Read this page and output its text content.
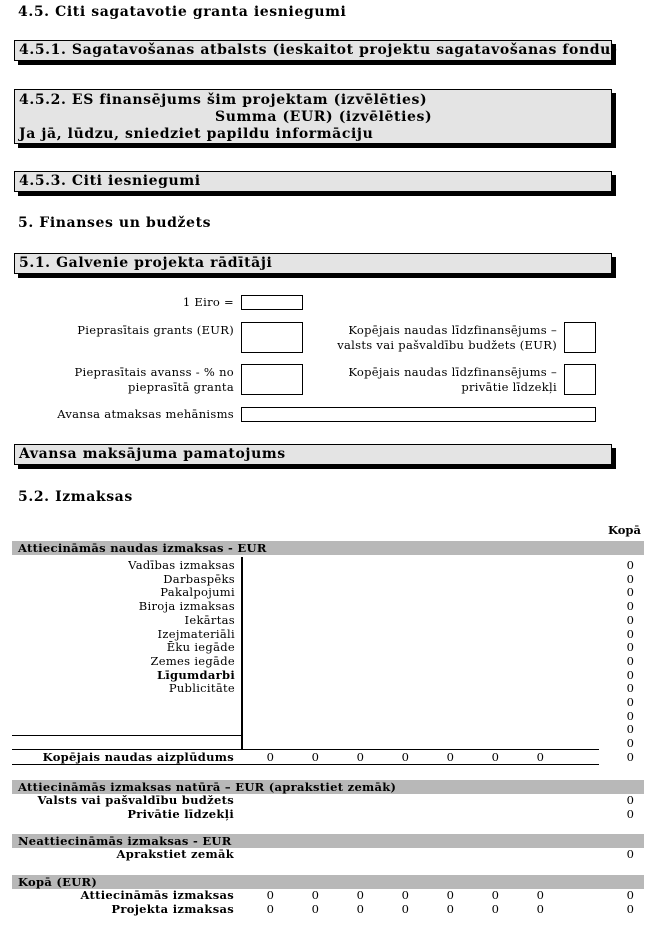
4.5. Citi sagatavotie granta iesniegumi
4.5.1. Sagatavošanas atbalsts (ieskaitot projektu sagatavošanas fondu)
4.5.2. ES finansējums šim projektam (izvēlēties)
Summa (EUR) (izvēlēties)
Ja jā, lūdzu, sniedziet papildu informāciju
4.5.3. Citi iesniegumi
5. Finanses un budžets
5.1. Galvenie projekta rādītāji
1 Eiro =
Pieprasītais grants (EUR)	Kopējais naudas līdzfinansējums –
valsts vai pašvaldību budžets (EUR)
Pieprasītais avanss - % no
pieprasītā granta
Kopējais naudas līdzfinansējums –
privātie līdzekļi
Avansa atmaksas mehānisms
Avansa maksājuma pamatojums
5.2. Izmaksas
Kopā
Attiecināmās naudas izmaksas - EUR
Vadības izmaksas	0
Darbaspēks	0
Pakalpojumi	0
Biroja izmaksas	0
Iekārtas	0
Izejmateriāli	0
Ēku iegāde	0
Zemes iegāde	0
Līgumdarbi	0
Publicitāte	0
0
0
0
0
Kopējais naudas aizplūdums	0	0	0	0	0	0	0	0
Attiecināmās izmaksas natūrā – EUR (aprakstiet zemāk)
Valsts vai pašvaldību budžets	0
Privātie līdzekļi	0
Neattiecināmās izmaksas - EUR
Aprakstiet zemāk	0
Kopā (EUR)
Attiecināmās izmaksas	0	0	0	0	0	0	0	0
Projekta izmaksas	0	0	0	0	0	0	0	0
